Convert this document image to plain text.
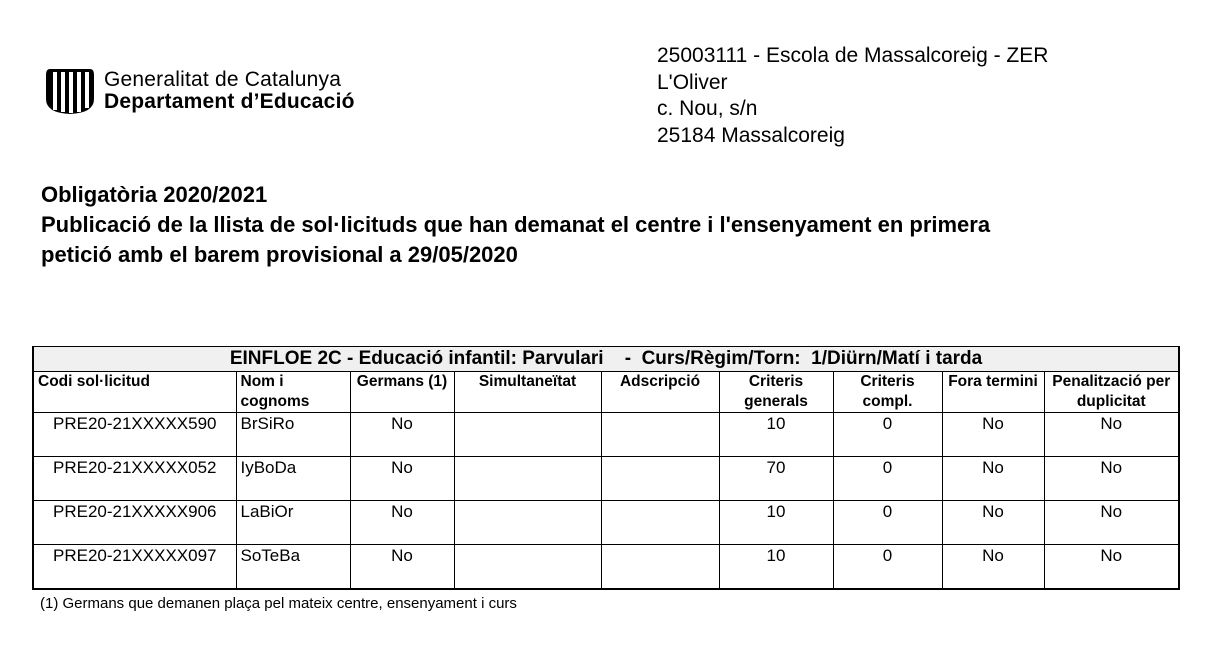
Generalitat de Catalunya
Departament d’Educació
25003111 - Escola de Massalcoreig - ZER
L'Oliver
c. Nou, s/n
25184 Massalcoreig
Obligatòria 2020/2021
Publicació de la llista de sol·licituds que han demanat el centre i l'ensenyament en primera
petició amb el barem provisional a 29/05/2020
EINFLOE 2C - Educació infantil: Parvulari    -  Curs/Règim/Torn:  1/Diürn/Matí i tarda								
Codi sol·licitud	Nom i cognoms	Germans (1)	Simultaneïtat	Adscripció	Criteris generals	Criteris compl.	Fora termini	Penalització per duplicitat
PRE20-21XXXXX590	BrSiRo	No			10	0	No	No
PRE20-21XXXXX052	IyBoDa	No			70	0	No	No
PRE20-21XXXXX906	LaBiOr	No			10	0	No	No
PRE20-21XXXXX097	SoTeBa	No			10	0	No	No
(1) Germans que demanen plaça pel mateix centre, ensenyament i curs
